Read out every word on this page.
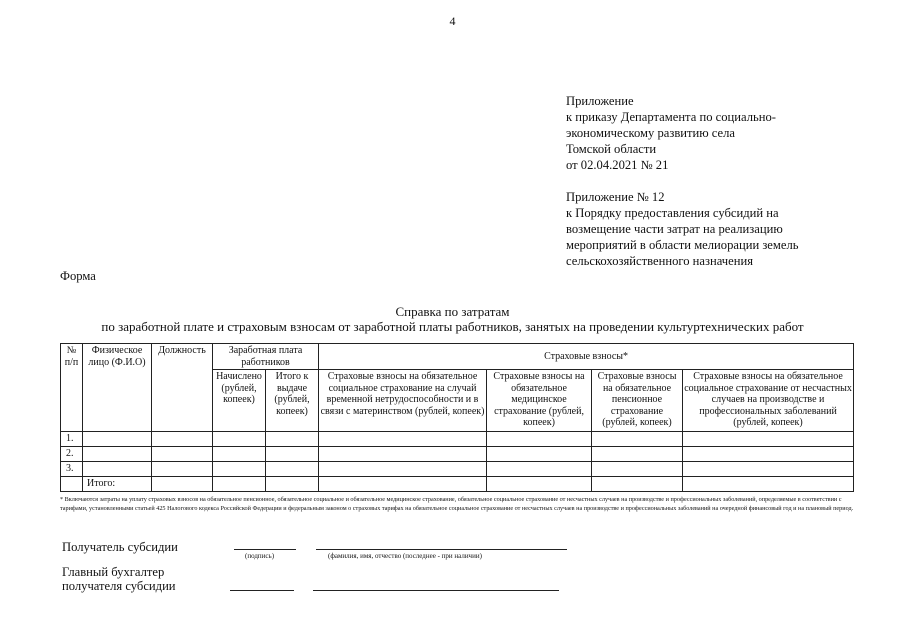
4
Приложение
к приказу Департамента по социально-
экономическому развитию села
Томской области
от 02.04.2021 № 21
Приложение № 12
к Порядку предоставления субсидий на
возмещение части затрат на реализацию
мероприятий в области мелиорации земель
сельскохозяйственного назначения
Форма
Справка по затратам
по заработной плате и страховым взносам от заработной платы работников, занятых на проведении культуртехнических работ
№ п/п	Физическое лицо (Ф.И.О)	Должность	Заработная плата работников		Страховые взносы*			
			Начислено (рублей, копеек)	Итого к выдаче (рублей, копеек)	Страховые взносы на обязательное социальное страхование на случай временной нетрудоспособности и в связи с материнством (рублей, копеек)	Страховые взносы на обязательное медицинское страхование (рублей, копеек)	Страховые взносы на обязательное пенсионное страхование (рублей, копеек)	Страховые взносы на обязательное социальное страхование от несчастных случаев на производстве и профессиональных заболеваний (рублей, копеек)
1.								
2.								
3.								
	Итого:							
* Включаются затраты на уплату страховых взносов на обязательное пенсионное, обязательное социальное и обязательное медицинское страхование, обязательное социальное страхование от несчастных случаев на производстве и профессиональных заболеваний, определяемые в соответствии с тарифами, установленными статьей 425 Налогового кодекса Российской Федерации и федеральным законом о страховых тарифах на обязательное социальное страхование от несчастных случаев на производстве и профессиональных заболеваний на очередной финансовый год и на плановый период.
Получатель субсидии
(подпись)	(фамилия, имя, отчество (последнее - при наличии)
Главный бухгалтер
получателя субсидии
